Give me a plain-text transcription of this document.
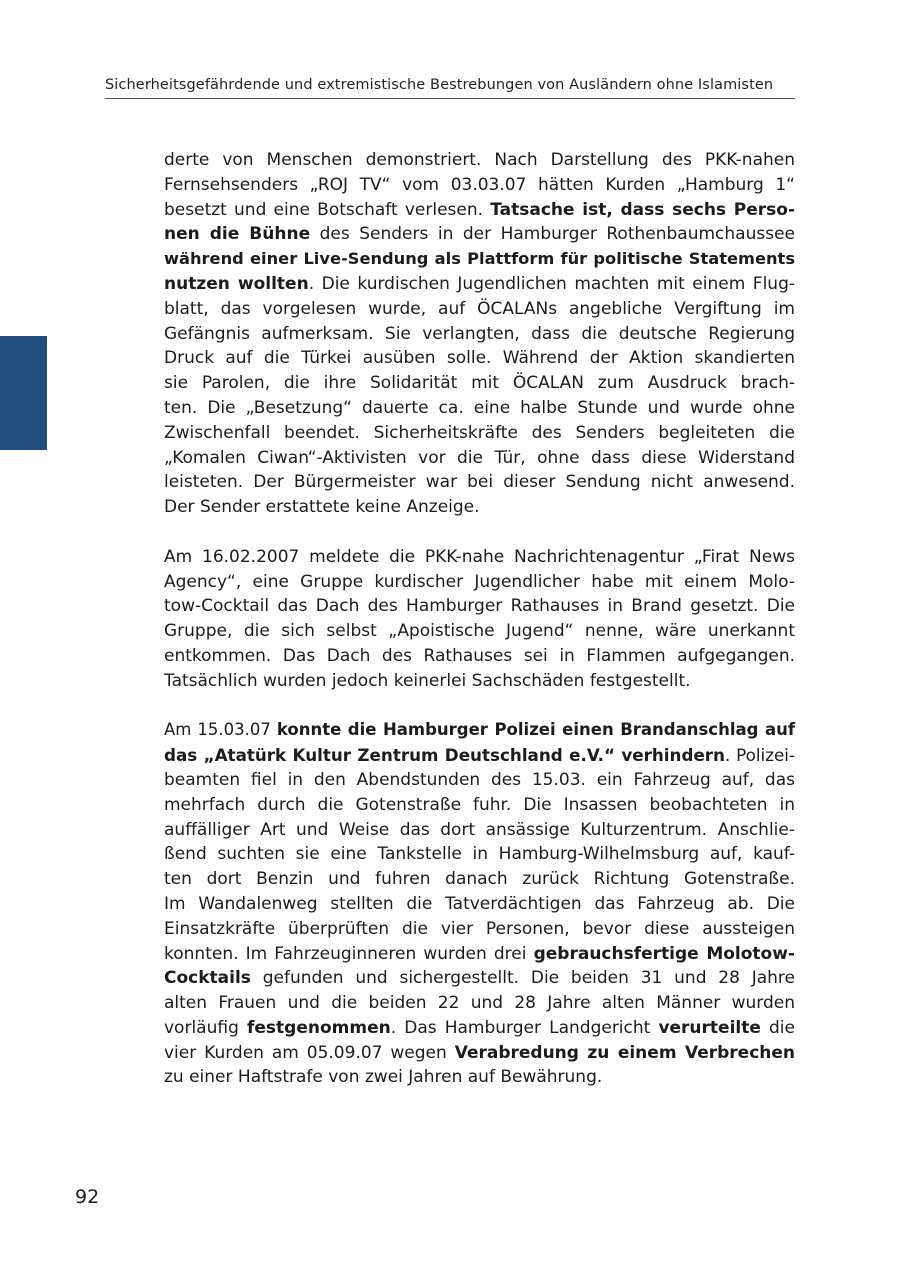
Sicherheitsgefährdende und extremistische Bestrebungen von Ausländern ohne Islamisten
derte von Menschen demonstriert. Nach Darstellung des PKK-nahen
Fernsehsenders „ROJ TV“ vom 03.03.07 hätten Kurden „Hamburg 1“
besetzt und eine Botschaft verlesen. Tatsache ist, dass sechs Perso-
nen die Bühne des Senders in der Hamburger Rothenbaumchaussee
während einer Live-Sendung als Plattform für politische Statements
nutzen wollten. Die kurdischen Jugendlichen machten mit einem Flug-
blatt, das vorgelesen wurde, auf ÖCALANs angebliche Vergiftung im
Gefängnis aufmerksam. Sie verlangten, dass die deutsche Regierung
Druck auf die Türkei ausüben solle. Während der Aktion skandierten
sie Parolen, die ihre Solidarität mit ÖCALAN zum Ausdruck brach-
ten. Die „Besetzung“ dauerte ca. eine halbe Stunde und wurde ohne
Zwischenfall beendet. Sicherheitskräfte des Senders begleiteten die
„Komalen Ciwan“-Aktivisten vor die Tür, ohne dass diese Widerstand
leisteten. Der Bürgermeister war bei dieser Sendung nicht anwesend.
Der Sender erstattete keine Anzeige.
Am 16.02.2007 meldete die PKK-nahe Nachrichtenagentur „Firat News
Agency“, eine Gruppe kurdischer Jugendlicher habe mit einem Molo-
tow-Cocktail das Dach des Hamburger Rathauses in Brand gesetzt. Die
Gruppe, die sich selbst „Apoistische Jugend“ nenne, wäre unerkannt
entkommen. Das Dach des Rathauses sei in Flammen aufgegangen.
Tatsächlich wurden jedoch keinerlei Sachschäden festgestellt.
Am 15.03.07 konnte die Hamburger Polizei einen Brandanschlag auf
das „Atatürk Kultur Zentrum Deutschland e.V.“ verhindern. Polizei-
beamten fiel in den Abendstunden des 15.03. ein Fahrzeug auf, das
mehrfach durch die Gotenstraße fuhr. Die Insassen beobachteten in
auffälliger Art und Weise das dort ansässige Kulturzentrum. Anschlie-
ßend suchten sie eine Tankstelle in Hamburg-Wilhelmsburg auf, kauf-
ten dort Benzin und fuhren danach zurück Richtung Gotenstraße.
Im Wandalenweg stellten die Tatverdächtigen das Fahrzeug ab. Die
Einsatzkräfte überprüften die vier Personen, bevor diese aussteigen
konnten. Im Fahrzeuginneren wurden drei gebrauchsfertige Molotow-
Cocktails gefunden und sichergestellt. Die beiden 31 und 28 Jahre
alten Frauen und die beiden 22 und 28 Jahre alten Männer wurden
vorläufig festgenommen. Das Hamburger Landgericht verurteilte die
vier Kurden am 05.09.07 wegen Verabredung zu einem Verbrechen
zu einer Haftstrafe von zwei Jahren auf Bewährung.
92
